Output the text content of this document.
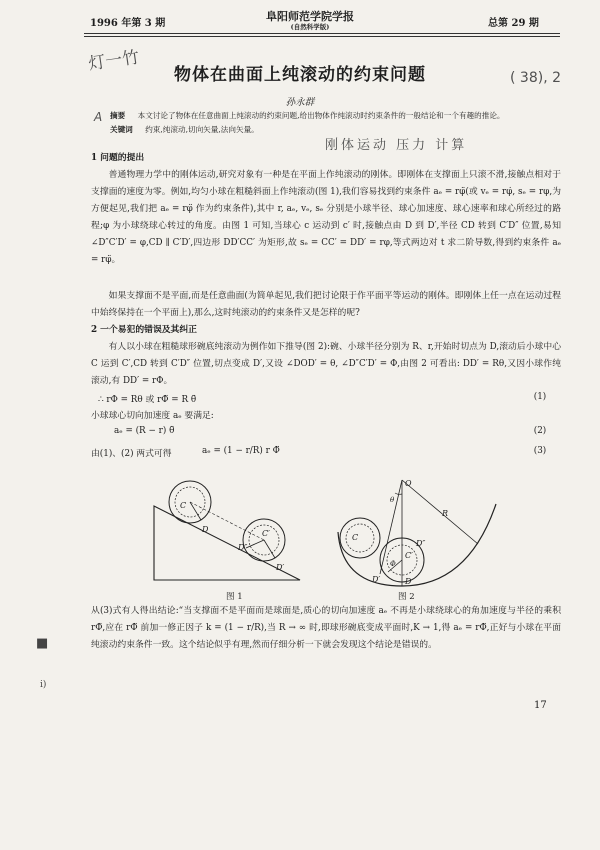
1996 年第 3 期
阜阳师范学院学报
(自然科学版)	总第 29 期
灯一竹
( 38), 2
A
刚体运动 压力 计算
物体在曲面上纯滚动的约束问题
孙永群
摘要 本文讨论了物体在任意曲面上纯滚动的约束问题,给出物体作纯滚动时约束条件的一般结论和一个有趣的推论。
关键词 约束,纯滚动,切向矢量,法向矢量。
1 问题的提出
普通物理力学中的刚体运动,研究对象有一种是在平面上作纯滚动的刚体。即刚体在支撑面上只滚不滑,接触点相对于支撑面的速度为零。例如,均匀小球在粗糙斜面上作纯滚动(图 1),我们容易找到约束条件 aₑ = rφ̈(或 vₑ = rφ̇, sₑ = rφ,为方便起见,我们把 aₑ = rφ̈ 作为约束条件),其中 r, aₑ, vₑ, sₑ 分别是小球半径、球心加速度、球心速率和球心所经过的路程;φ 为小球绕球心转过的角度。由图 1 可知,当球心 c 运动到 c′ 时,接触点由 D 到 D′,半径 CD 转到 C′D″ 位置,易知 ∠D″C′D′ = φ,CD ∥ C′D′,四边形 DD′CC′ 为矩形,故 sₑ = CC′ = DD′ = rφ,等式两边对 t 求二阶导数,得到约束条件 aₑ = rφ̈。
如果支撑面不是平面,而是任意曲面(为简单起见,我们把讨论限于作平面平等运动的刚体。即刚体上任一点在运动过程中始终保持在一个平面上),那么,这时纯滚动的约束条件又是怎样的呢?
2 一个易犯的错误及其纠正
有人以小球在粗糙球形碗底纯滚动为例作如下推导(图 2):碗、小球半径分别为 R、r,开始时切点为 D,滚动后小球中心 C 运到 C′,CD 转到 C′D″ 位置,切点变成 D′,又设 ∠DOD′ = θ, ∠D″C′D′ = Φ,由图 2 可看出: DD′ = Rθ,又因小球作纯滚动,有 DD′ = rΦ。
∴ rΦ = Rθ 或 rΦ̈ = R θ̈	(1)
小球球心切向加速度 aₑ 要满足:
aₑ = (R − r) θ̈	(2)
由(1)、(2) 两式可得	aₑ = (1 − r/R) r Φ̈	(3)
C
D
D′
C′
D″
图 1
O
θ
R
D
D′
C
C′
D″
Φ
图 2
从(3)式有人得出结论:“当支撑面不是平面而是球面是,质心的切向加速度 aₑ 不再是小球绕球心的角加速度与半径的乘积 rΦ̈,应在 rΦ̈ 前加一修正因子 k = (1 − r/R),当 R → ∞ 时,即球形碗底变成平面时,K → 1,得 aₑ = rΦ̈,正好与小球在平面纯滚动约束条件一致。这个结论似乎有理,然而仔细分析一下就会发现这个结论是错误的。
■
i)
17
